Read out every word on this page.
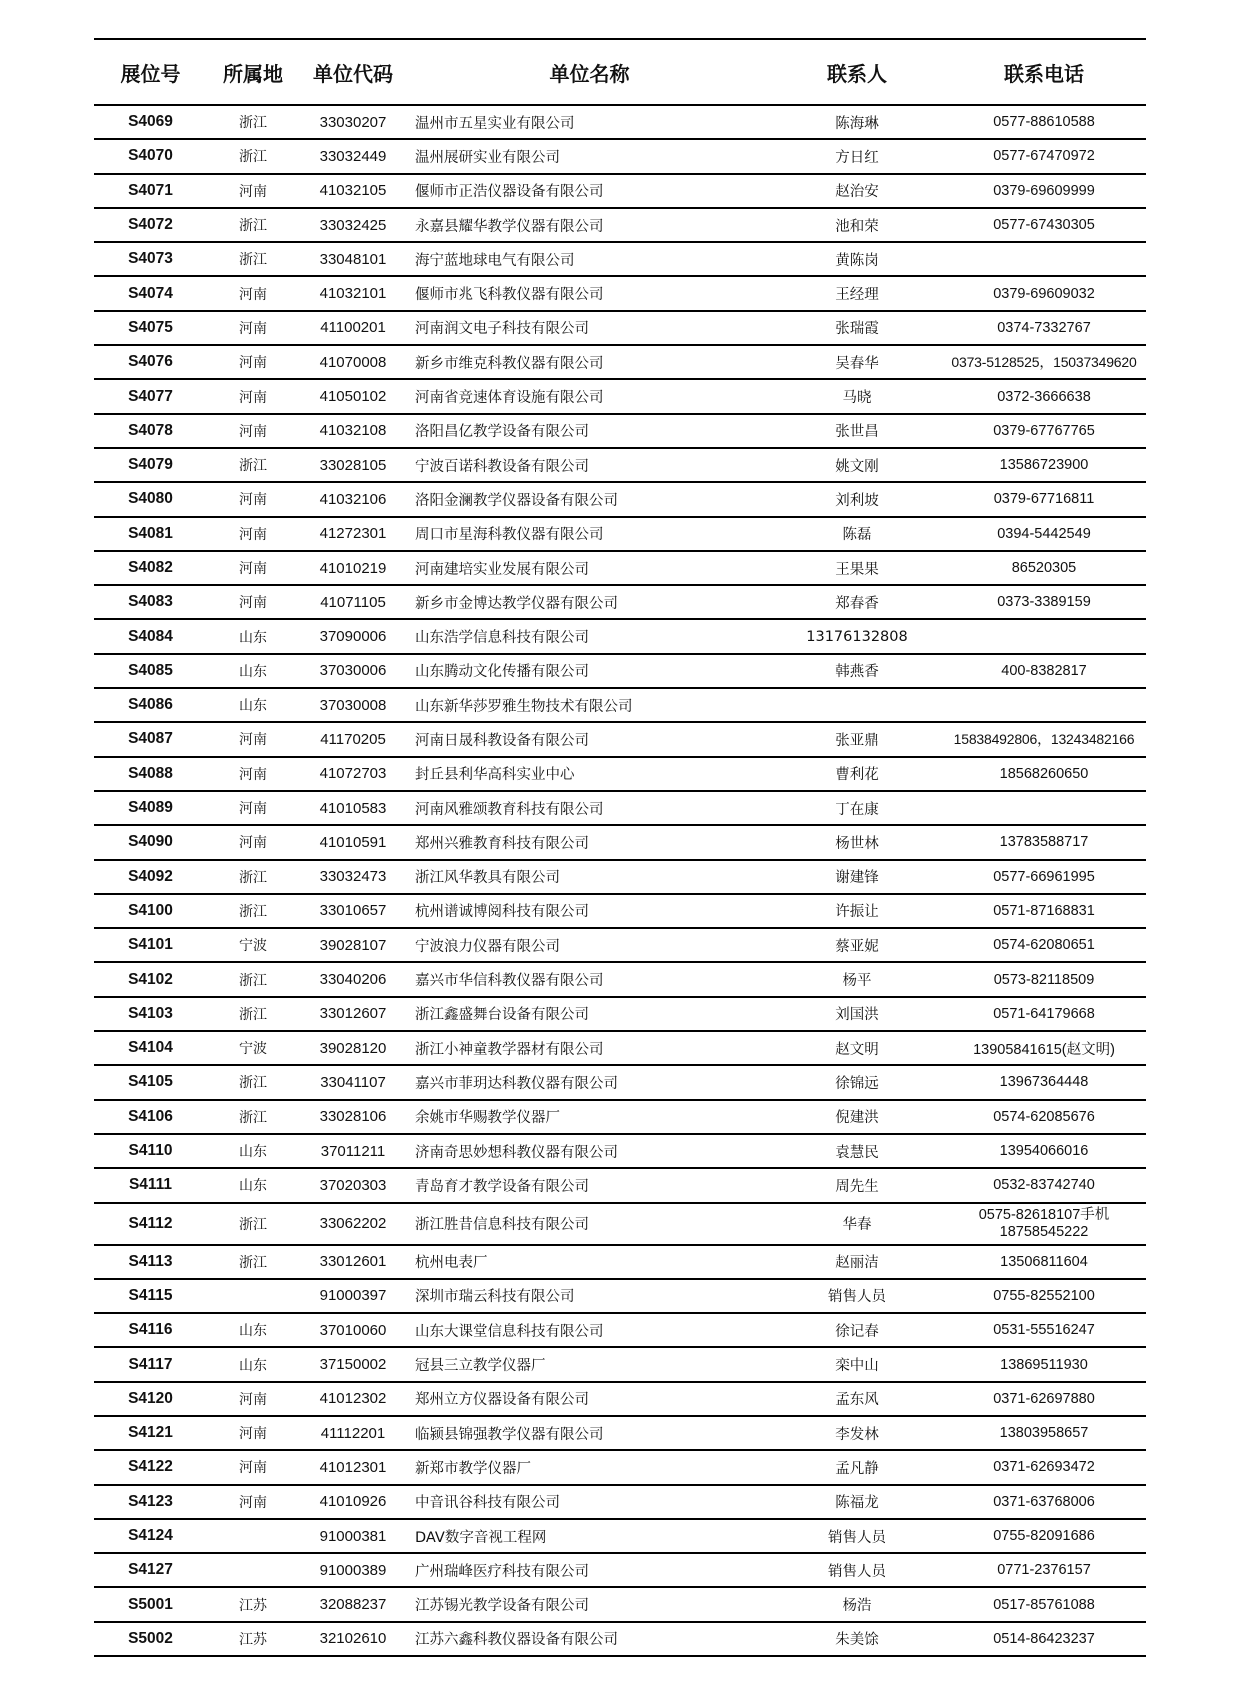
展位号	所属地	单位代码	单位名称	联系人	联系电话
S4069	浙江	33030207	温州市五星实业有限公司	陈海琳	0577-88610588
S4070	浙江	33032449	温州展研实业有限公司	方日红	0577-67470972
S4071	河南	41032105	偃师市正浩仪器设备有限公司	赵治安	0379-69609999
S4072	浙江	33032425	永嘉县耀华教学仪器有限公司	池和荣	0577-67430305
S4073	浙江	33048101	海宁蓝地球电气有限公司	黄陈岗	
S4074	河南	41032101	偃师市兆飞科教仪器有限公司	王经理	0379-69609032
S4075	河南	41100201	河南润文电子科技有限公司	张瑞霞	0374-7332767
S4076	河南	41070008	新乡市维克科教仪器有限公司	吴春华	0373-5128525，15037349620
S4077	河南	41050102	河南省竞速体育设施有限公司	马晓	0372-3666638
S4078	河南	41032108	洛阳昌亿教学设备有限公司	张世昌	0379-67767765
S4079	浙江	33028105	宁波百诺科教设备有限公司	姚文刚	13586723900
S4080	河南	41032106	洛阳金澜教学仪器设备有限公司	刘利坡	0379-67716811
S4081	河南	41272301	周口市星海科教仪器有限公司	陈磊	0394-5442549
S4082	河南	41010219	河南建培实业发展有限公司	王果果	86520305
S4083	河南	41071105	新乡市金博达教学仪器有限公司	郑春香	0373-3389159
S4084	山东	37090006	山东浩学信息科技有限公司	13176132808	
S4085	山东	37030006	山东腾动文化传播有限公司	韩燕香	400-8382817
S4086	山东	37030008	山东新华莎罗雅生物技术有限公司		
S4087	河南	41170205	河南日晟科教设备有限公司	张亚鼎	15838492806，13243482166
S4088	河南	41072703	封丘县利华高科实业中心	曹利花	18568260650
S4089	河南	41010583	河南风雅颂教育科技有限公司	丁在康	
S4090	河南	41010591	郑州兴雅教育科技有限公司	杨世林	13783588717
S4092	浙江	33032473	浙江风华教具有限公司	谢建锋	0577-66961995
S4100	浙江	33010657	杭州谱诚博阅科技有限公司	许振让	0571-87168831
S4101	宁波	39028107	宁波浪力仪器有限公司	蔡亚妮	0574-62080651
S4102	浙江	33040206	嘉兴市华信科教仪器有限公司	杨平	0573-82118509
S4103	浙江	33012607	浙江鑫盛舞台设备有限公司	刘国洪	0571-64179668
S4104	宁波	39028120	浙江小神童教学器材有限公司	赵文明	13905841615(赵文明)
S4105	浙江	33041107	嘉兴市菲玥达科教仪器有限公司	徐锦远	13967364448
S4106	浙江	33028106	余姚市华赐教学仪器厂	倪建洪	0574-62085676
S4110	山东	37011211	济南奇思妙想科教仪器有限公司	袁慧民	13954066016
S4111	山东	37020303	青岛育才教学设备有限公司	周先生	0532-83742740
S4112	浙江	33062202	浙江胜昔信息科技有限公司	华春	0575-82618107手机18758545222
S4113	浙江	33012601	杭州电表厂	赵丽洁	13506811604
S4115		91000397	深圳市瑞云科技有限公司	销售人员	0755-82552100
S4116	山东	37010060	山东大课堂信息科技有限公司	徐记春	0531-55516247
S4117	山东	37150002	冠县三立教学仪器厂	栾中山	13869511930
S4120	河南	41012302	郑州立方仪器设备有限公司	孟东风	0371-62697880
S4121	河南	41112201	临颍县锦强教学仪器有限公司	李发林	13803958657
S4122	河南	41012301	新郑市教学仪器厂	孟凡静	0371-62693472
S4123	河南	41010926	中音讯谷科技有限公司	陈福龙	0371-63768006
S4124		91000381	DAV数字音视工程网	销售人员	0755-82091686
S4127		91000389	广州瑞峰医疗科技有限公司	销售人员	0771-2376157
S5001	江苏	32088237	江苏锡光教学设备有限公司	杨浩	0517-85761088
S5002	江苏	32102610	江苏六鑫科教仪器设备有限公司	朱美馀	0514-86423237
